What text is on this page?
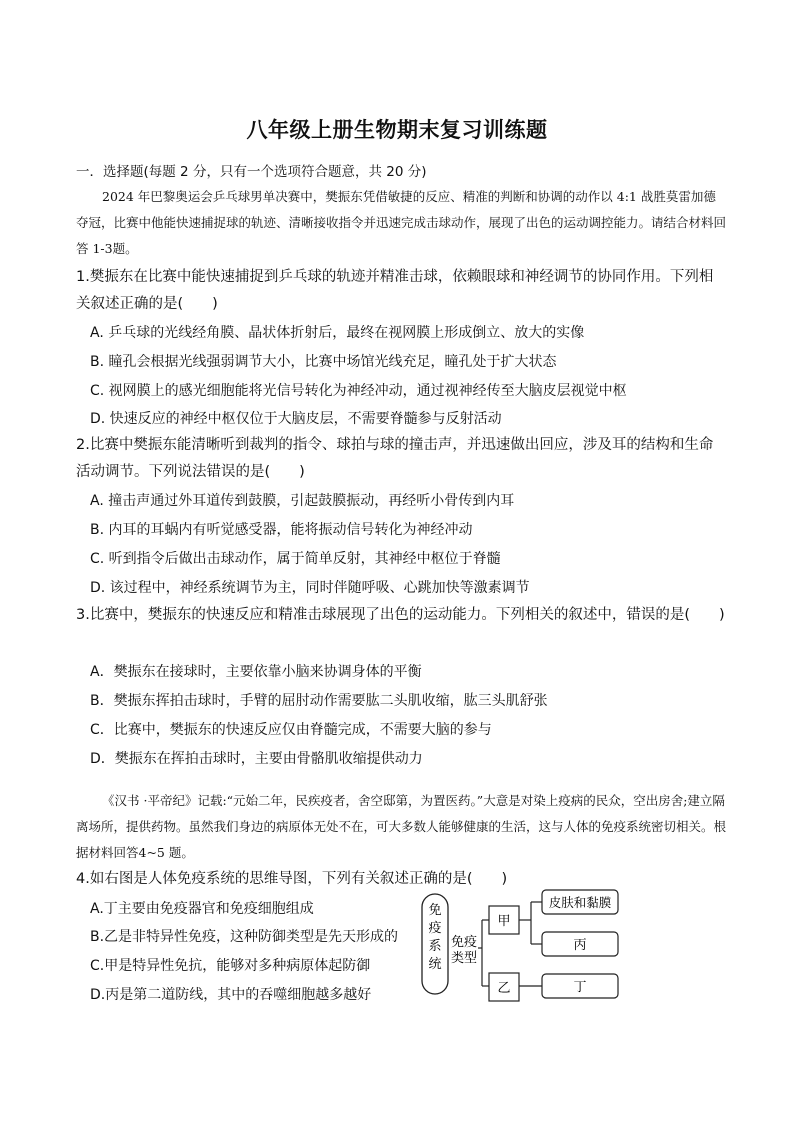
八年级上册生物期末复习训练题
一．选择题(每题 2 分，只有一个选项符合题意，共 20 分)
2024 年巴黎奥运会乒乓球男单决赛中，樊振东凭借敏捷的反应、精准的判断和协调的动作以 4:1 战胜莫雷加德夺冠，比赛中他能快速捕捉球的轨迹、清晰接收指令并迅速完成击球动作，展现了出色的运动调控能力。请结合材料回答 1-3题。
1.樊振东在比赛中能快速捕捉到乒乓球的轨迹并精准击球，依赖眼球和神经调节的协同作用。下列相关叙述正确的是(　　)
A. 乒乓球的光线经角膜、晶状体折射后，最终在视网膜上形成倒立、放大的实像
B. 瞳孔会根据光线强弱调节大小，比赛中场馆光线充足，瞳孔处于扩大状态
C. 视网膜上的感光细胞能将光信号转化为神经冲动，通过视神经传至大脑皮层视觉中枢
D. 快速反应的神经中枢仅位于大脑皮层，不需要脊髓参与反射活动
2.比赛中樊振东能清晰听到裁判的指令、球拍与球的撞击声，并迅速做出回应，涉及耳的结构和生命活动调节。下列说法错误的是(　　)
A. 撞击声通过外耳道传到鼓膜，引起鼓膜振动，再经听小骨传到内耳
B. 内耳的耳蜗内有听觉感受器，能将振动信号转化为神经冲动
C. 听到指令后做出击球动作，属于简单反射，其神经中枢位于脊髓
D. 该过程中，神经系统调节为主，同时伴随呼吸、心跳加快等激素调节
3.比赛中，樊振东的快速反应和精准击球展现了出色的运动能力。下列相关的叙述中，错误的是(　　)
A．樊振东在接球时，主要依靠小脑来协调身体的平衡
B．樊振东挥拍击球时，手臂的屈肘动作需要肱二头肌收缩，肱三头肌舒张
C．比赛中，樊振东的快速反应仅由脊髓完成，不需要大脑的参与
D．樊振东在挥拍击球时，主要由骨骼肌收缩提供动力
《汉书 ·平帝纪》记载:“元始二年，民疾疫者，舍空邸第，为置医药。”大意是对染上疫病的民众，空出房舍;建立隔离场所，提供药物。虽然我们身边的病原体无处不在，可大多数人能够健康的生活，这与人体的免疫系统密切相关。根据材料回答4~5 题。
4.如右图是人体免疫系统的思维导图，下列有关叙述正确的是(　　)
A.丁主要由免疫器官和免疫细胞组成
B.乙是非特异性免疫，这种防御类型是先天形成的
C.甲是特异性免抗，能够对多种病原体起防御
D.丙是第二道防线，其中的吞噬细胞越多越好
免
疫
系
统
免疫
类型
甲
乙
皮肤和黏膜
丙
丁
